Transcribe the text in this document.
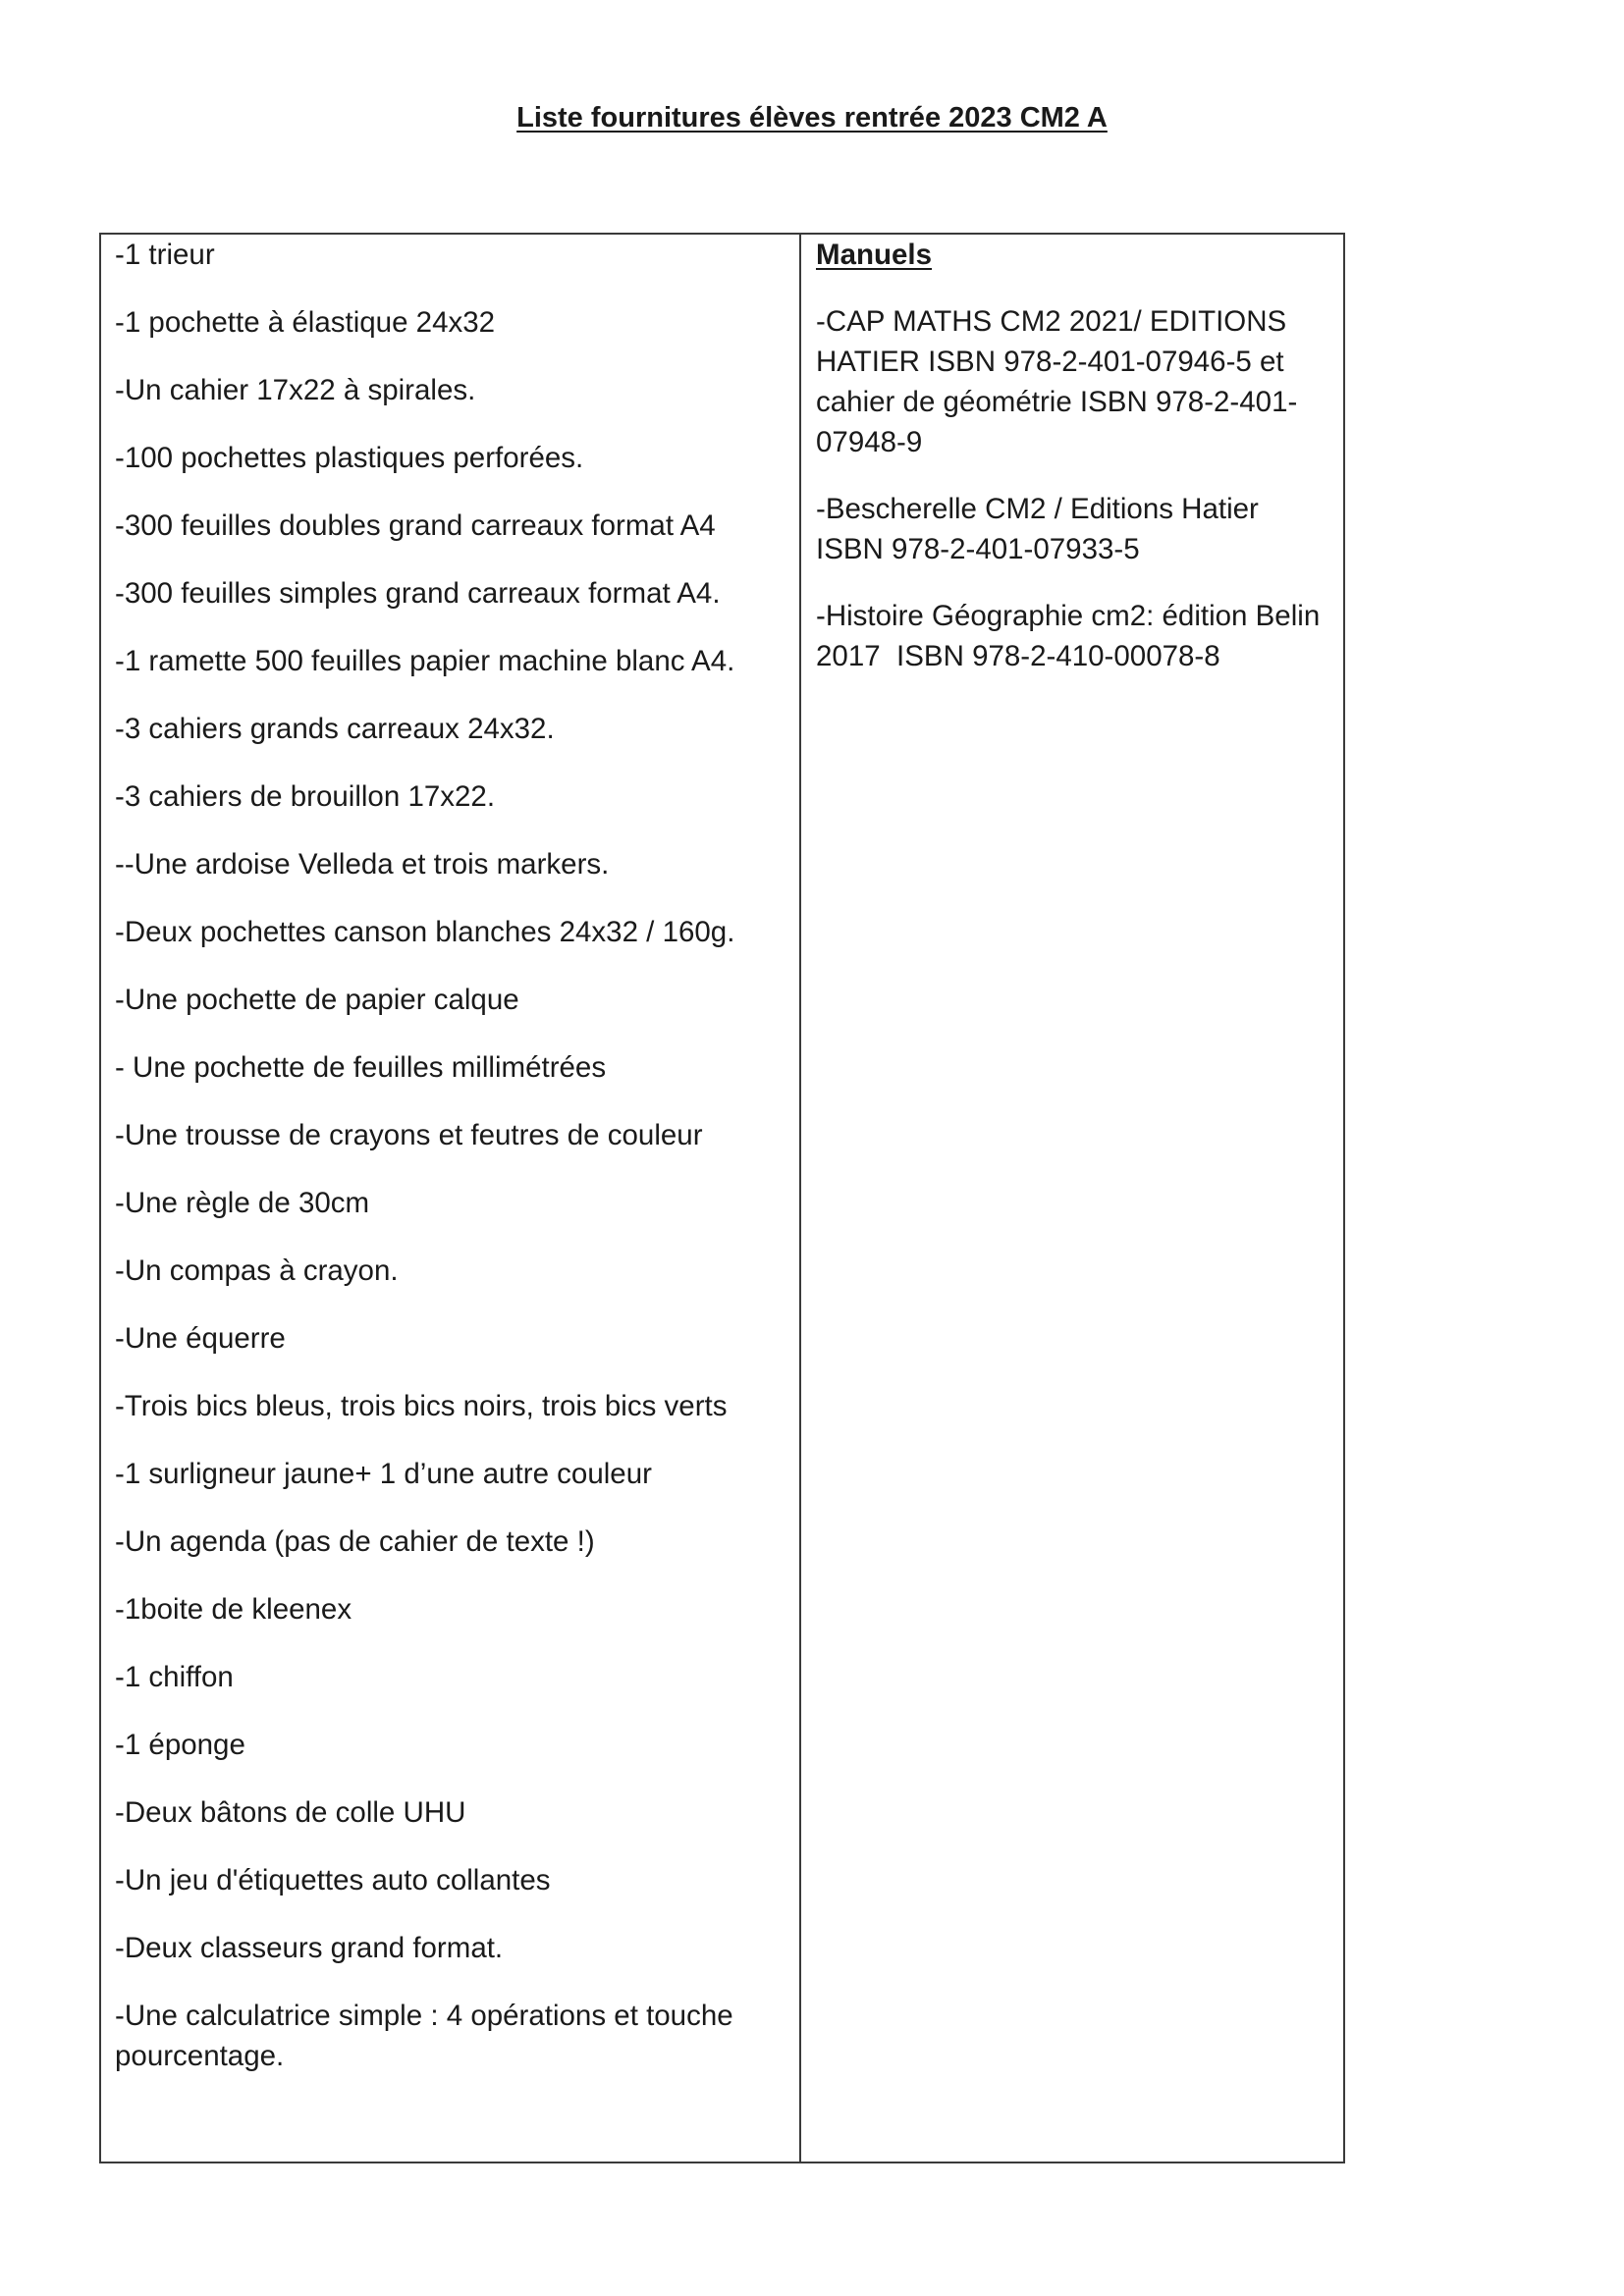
Liste fournitures élèves rentrée 2023 CM2 A
-1 trieur
-1 pochette à élastique 24x32
-Un cahier 17x22 à spirales.
-100 pochettes plastiques perforées.
-300 feuilles doubles grand carreaux format A4
-300 feuilles simples grand carreaux format A4.
-1 ramette 500 feuilles papier machine blanc A4.
-3 cahiers grands carreaux 24x32.
-3 cahiers de brouillon 17x22.
--Une ardoise Velleda et trois markers.
-Deux pochettes canson blanches 24x32 / 160g.
-Une pochette de papier calque
- Une pochette de feuilles millimétrées
-Une trousse de crayons et feutres de couleur
-Une règle de 30cm
-Un compas à crayon.
-Une équerre
-Trois bics bleus, trois bics noirs, trois bics verts
-1 surligneur jaune+ 1 d’une autre couleur
-Un agenda (pas de cahier de texte !)
-1boite de kleenex
-1 chiffon
-1 éponge
-Deux bâtons de colle UHU
-Un jeu d'étiquettes auto collantes
-Deux classeurs grand format.
-Une calculatrice simple : 4 opérations et touche pourcentage.
Manuels
-CAP MATHS CM2 2021/ EDITIONS HATIER ISBN 978-2-401-07946-5 et cahier de géométrie ISBN 978-2-401-07948-9
-Bescherelle CM2 / Editions Hatier ISBN 978-2-401-07933-5
-Histoire Géographie cm2: édition Belin 2017  ISBN 978-2-410-00078-8
